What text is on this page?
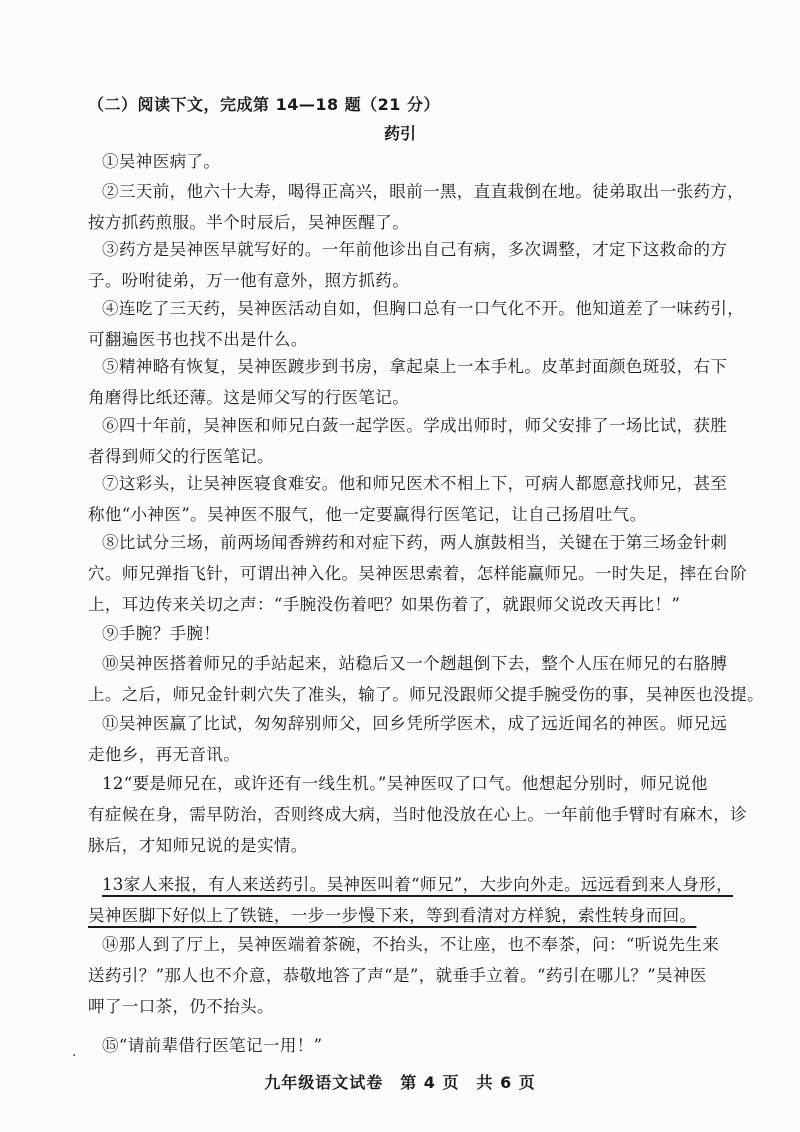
（二）阅读下文，完成第 14—18 题（21 分）
药引
①吴神医病了。
②三天前，他六十大寿，喝得正高兴，眼前一黑，直直栽倒在地。徒弟取出一张药方，
按方抓药煎服。半个时辰后，吴神医醒了。
③药方是吴神医早就写好的。一年前他诊出自己有病，多次调整，才定下这救命的方
子。吩咐徒弟，万一他有意外，照方抓药。
④连吃了三天药，吴神医活动自如，但胸口总有一口气化不开。他知道差了一味药引，
可翻遍医书也找不出是什么。
⑤精神略有恢复，吴神医踱步到书房，拿起桌上一本手札。皮革封面颜色斑驳，右下
角磨得比纸还薄。这是师父写的行医笔记。
⑥四十年前，吴神医和师兄白蔹一起学医。学成出师时，师父安排了一场比试，获胜
者得到师父的行医笔记。
⑦这彩头，让吴神医寝食难安。他和师兄医术不相上下，可病人都愿意找师兄，甚至
称他“小神医”。吴神医不服气，他一定要赢得行医笔记，让自己扬眉吐气。
⑧比试分三场，前两场闻香辨药和对症下药，两人旗鼓相当，关键在于第三场金针刺
穴。师兄弹指飞针，可谓出神入化。吴神医思索着，怎样能赢师兄。一时失足，摔在台阶
上，耳边传来关切之声：“手腕没伤着吧？如果伤着了，就跟师父说改天再比！”
⑨手腕？手腕！
⑩吴神医搭着师兄的手站起来，站稳后又一个趔趄倒下去，整个人压在师兄的右胳膊
上。之后，师兄金针刺穴失了准头，输了。师兄没跟师父提手腕受伤的事，吴神医也没提。
⑪吴神医赢了比试，匆匆辞别师父，回乡凭所学医术，成了远近闻名的神医。师兄远
走他乡，再无音讯。
12“要是师兄在，或许还有一线生机。”吴神医叹了口气。他想起分别时，师兄说他
有症候在身，需早防治，否则终成大病，当时他没放在心上。一年前他手臂时有麻木，诊
脉后，才知师兄说的是实情。
13家人来报，有人来送药引。吴神医叫着“师兄”，大步向外走。远远看到来人身形，
吴神医脚下好似上了铁链，一步一步慢下来，等到看清对方样貌，索性转身而回。
⑭那人到了厅上，吴神医端着茶碗，不抬头，不让座，也不奉茶，问：“听说先生来
送药引？”那人也不介意，恭敬地答了声“是”，就垂手立着。“药引在哪儿？”吴神医
呷了一口茶，仍不抬头。
.	⑮“请前辈借行医笔记一用！”
九年级语文试卷　第 4 页　共 6 页
